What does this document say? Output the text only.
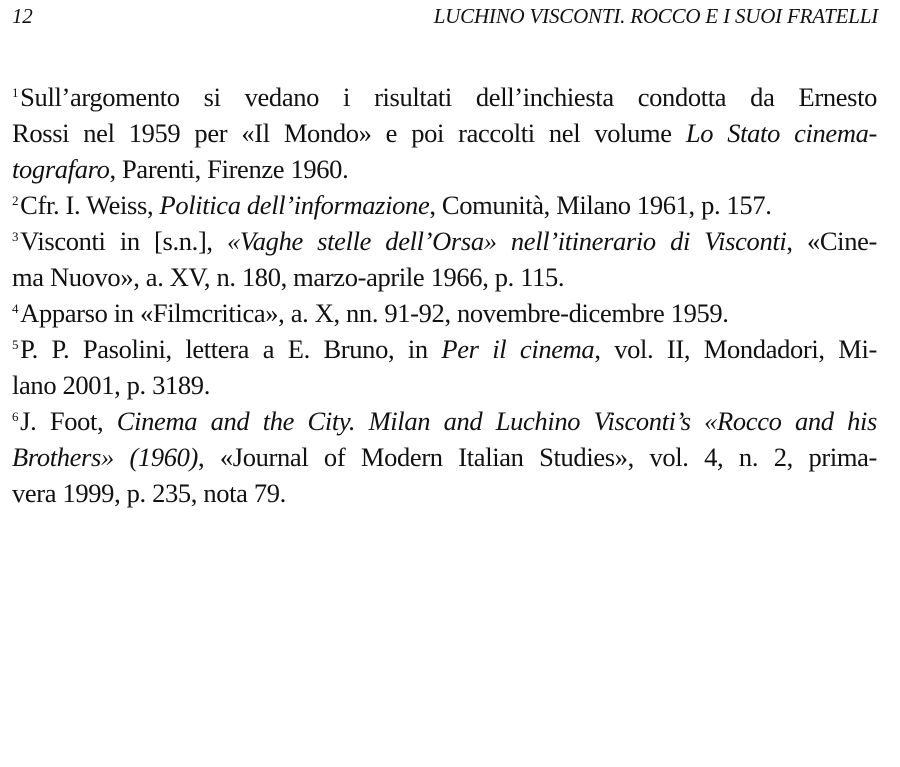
12	LUCHINO VISCONTI. ROCCO E I SUOI FRATELLI
$^1$Sull’argomento si vedano i risultati dell’inchiesta condotta da Ernesto
Rossi nel 1959 per «Il Mondo» e poi raccolti nel volume Lo Stato cinema-
tografaro, Parenti, Firenze 1960.
$^2$Cfr. I. Weiss, Politica dell’informazione, Comunità, Milano 1961, p. 157.
$^3$Visconti in [s.n.], «Vaghe stelle dell’Orsa» nell’itinerario di Visconti, «Cine-
ma Nuovo», a. XV, n. 180, marzo-aprile 1966, p. 115.
$^4$Apparso in «Filmcritica», a. X, nn. 91-92, novembre-dicembre 1959.
$^5$P. P. Pasolini, lettera a E. Bruno, in Per il cinema, vol. II, Mondadori, Mi-
lano 2001, p. 3189.
$^6$J. Foot, Cinema and the City. Milan and Luchino Visconti’s «Rocco and his
Brothers» (1960), «Journal of Modern Italian Studies», vol. 4, n. 2, prima-
vera 1999, p. 235, nota 79.
